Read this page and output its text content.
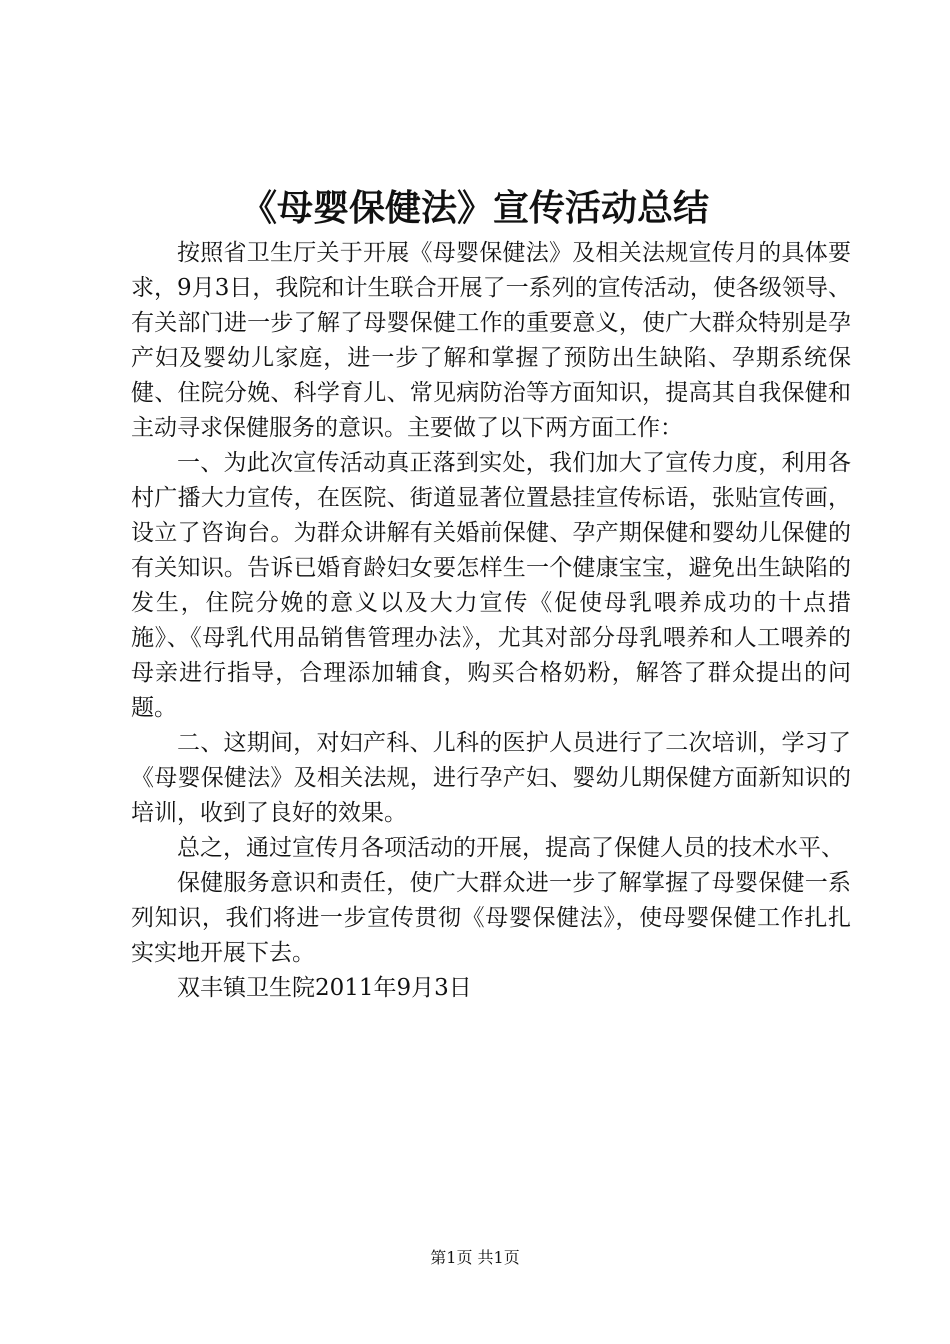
《母婴保健法》宣传活动总结

按照省卫生厅关于开展《母婴保健法》及相关法规宣传月的具体要求，9月3日，我院和计生联合开展了一系列的宣传活动，使各级领导、有关部门进一步了解了母婴保健工作的重要意义，使广大群众特别是孕产妇及婴幼儿家庭，进一步了解和掌握了预防出生缺陷、孕期系统保健、住院分娩、科学育儿、常见病防治等方面知识，提高其自我保健和主动寻求保健服务的意识。主要做了以下两方面工作：

一、为此次宣传活动真正落到实处，我们加大了宣传力度，利用各村广播大力宣传，在医院、街道显著位置悬挂宣传标语，张贴宣传画，设立了咨询台。为群众讲解有关婚前保健、孕产期保健和婴幼儿保健的有关知识。告诉已婚育龄妇女要怎样生一个健康宝宝，避免出生缺陷的发生，住院分娩的意义以及大力宣传《促使母乳喂养成功的十点措施》、《母乳代用品销售管理办法》，尤其对部分母乳喂养和人工喂养的母亲进行指导，合理添加辅食，购买合格奶粉，解答了群众提出的问题。

二、这期间，对妇产科、儿科的医护人员进行了二次培训，学习了《母婴保健法》及相关法规，进行孕产妇、婴幼儿期保健方面新知识的培训，收到了良好的效果。

总之，通过宣传月各项活动的开展，提高了保健人员的技术水平、

保健服务意识和责任，使广大群众进一步了解掌握了母婴保健一系列知识，我们将进一步宣传贯彻《母婴保健法》，使母婴保健工作扎扎实实地开展下去。

双丰镇卫生院2011年9月3日

第1页 共1页
